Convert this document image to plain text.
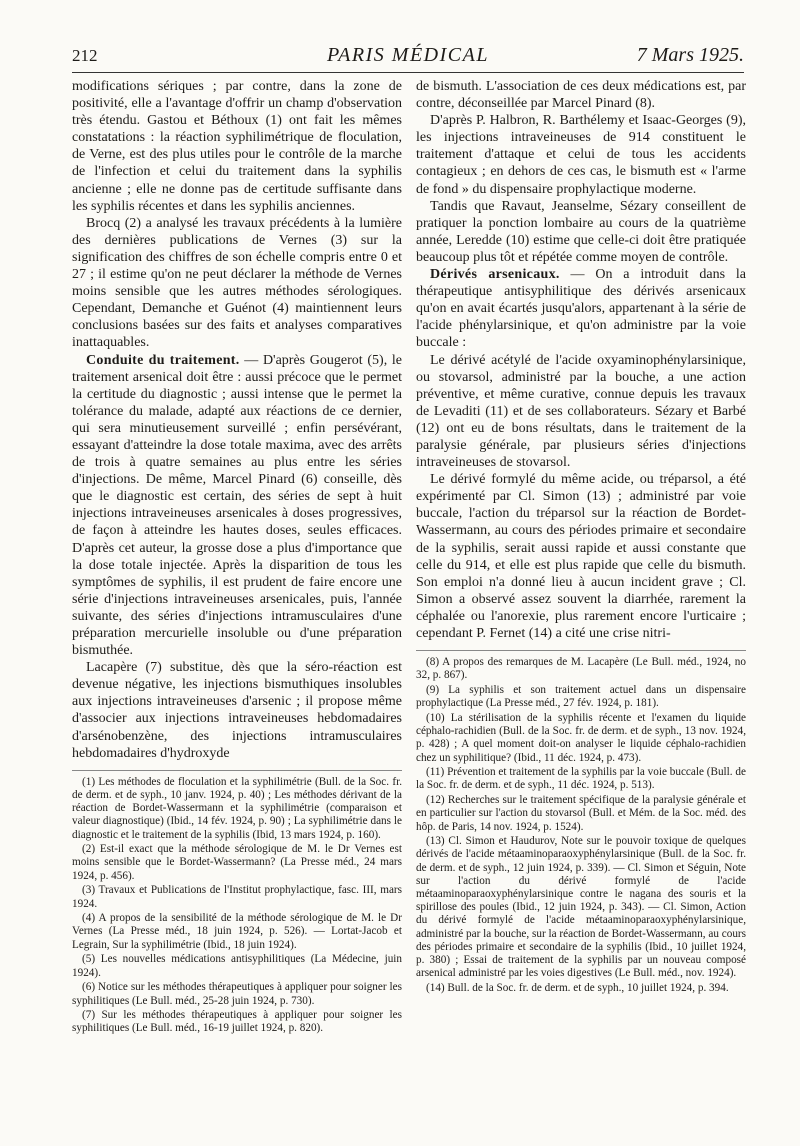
212	PARIS MÉDICAL	7 Mars 1925.

modifications sériques ; par contre, dans la zone de positivité, elle a l'avantage d'offrir un champ d'observation très étendu. Gastou et Béthoux (1) ont fait les mêmes constatations : la réaction syphilimétrique de floculation, de Verne, est des plus utiles pour le contrôle de la marche de l'infection et celui du traitement dans la syphilis ancienne ; elle ne donne pas de certitude suffisante dans les syphilis récentes et dans les syphilis anciennes.

Brocq (2) a analysé les travaux précédents à la lumière des dernières publications de Vernes (3) sur la signification des chiffres de son échelle compris entre 0 et 27 ; il estime qu'on ne peut déclarer la méthode de Vernes moins sensible que les autres méthodes sérologiques. Cependant, Demanche et Guénot (4) maintiennent leurs conclusions basées sur des faits et analyses comparatives inattaquables.

Conduite du traitement. — D'après Gougerot (5), le traitement arsenical doit être : aussi précoce que le permet la certitude du diagnostic ; aussi intense que le permet la tolérance du malade, adapté aux réactions de ce dernier, qui sera minutieusement surveillé ; enfin persévérant, essayant d'atteindre la dose totale maxima, avec des arrêts de trois à quatre semaines au plus entre les séries d'injections. De même, Marcel Pinard (6) conseille, dès que le diagnostic est certain, des séries de sept à huit injections intraveineuses arsenicales à doses progressives, de façon à atteindre les hautes doses, seules efficaces. D'après cet auteur, la grosse dose a plus d'importance que la dose totale injectée. Après la disparition de tous les symptômes de syphilis, il est prudent de faire encore une série d'injections intraveineuses arsenicales, puis, l'année suivante, des séries d'injections intramusculaires d'une préparation mercurielle insoluble ou d'une préparation bismuthée.

Lacapère (7) substitue, dès que la séro-réaction est devenue négative, les injections bismuthiques insolubles aux injections intraveineuses d'arsenic ; il propose même d'associer aux injections intraveineuses hebdomadaires d'arsénobenzène, des injections intramusculaires hebdomadaires d'hydroxyde

(1) Les méthodes de floculation et la syphilimétrie (Bull. de la Soc. fr. de derm. et de syph., 10 janv. 1924, p. 40) ; Les méthodes dérivant de la réaction de Bordet-Wassermann et la syphilimétrie (comparaison et valeur diagnostique) (Ibid., 14 fév. 1924, p. 90) ; La syphilimétrie dans le diagnostic et le traitement de la syphilis (Ibid, 13 mars 1924, p. 160).

(2) Est-il exact que la méthode sérologique de M. le Dr Vernes est moins sensible que le Bordet-Wassermann? (La Presse méd., 24 mars 1924, p. 456).

(3) Travaux et Publications de l'Institut prophylactique, fasc. III, mars 1924.

(4) A propos de la sensibilité de la méthode sérologique de M. le Dr Vernes (La Presse méd., 18 juin 1924, p. 526). — Lortat-Jacob et Legrain, Sur la syphilimétrie (Ibid., 18 juin 1924).

(5) Les nouvelles médications antisyphilitiques (La Médecine, juin 1924).

(6) Notice sur les méthodes thérapeutiques à appliquer pour soigner les syphilitiques (Le Bull. méd., 25-28 juin 1924, p. 730).

(7) Sur les méthodes thérapeutiques à appliquer pour soigner les syphilitiques (Le Bull. méd., 16-19 juillet 1924, p. 820).

de bismuth. L'association de ces deux médications est, par contre, déconseillée par Marcel Pinard (8).

D'après P. Halbron, R. Barthélemy et Isaac-Georges (9), les injections intraveineuses de 914 constituent le traitement d'attaque et celui de tous les accidents contagieux ; en dehors de ces cas, le bismuth est « l'arme de fond » du dispensaire prophylactique moderne.

Tandis que Ravaut, Jeanselme, Sézary conseillent de pratiquer la ponction lombaire au cours de la quatrième année, Leredde (10) estime que celle-ci doit être pratiquée beaucoup plus tôt et répétée comme moyen de contrôle.

Dérivés arsenicaux. — On a introduit dans la thérapeutique antisyphilitique des dérivés arsenicaux qu'on en avait écartés jusqu'alors, appartenant à la série de l'acide phénylarsinique, et qu'on administre par la voie buccale :

Le dérivé acétylé de l'acide oxyaminophénylarsinique, ou stovarsol, administré par la bouche, a une action préventive, et même curative, connue depuis les travaux de Levaditi (11) et de ses collaborateurs. Sézary et Barbé (12) ont eu de bons résultats, dans le traitement de la paralysie générale, par plusieurs séries d'injections intraveineuses de stovarsol.

Le dérivé formylé du même acide, ou tréparsol, a été expérimenté par Cl. Simon (13) ; administré par voie buccale, l'action du tréparsol sur la réaction de Bordet-Wassermann, au cours des périodes primaire et secondaire de la syphilis, serait aussi rapide et aussi constante que celle du 914, et elle est plus rapide que celle du bismuth. Son emploi n'a donné lieu à aucun incident grave ; Cl. Simon a observé assez souvent la diarrhée, rarement la céphalée ou l'anorexie, plus rarement encore l'urticaire ; cependant P. Fernet (14) a cité une crise nitri-

(8) A propos des remarques de M. Lacapère (Le Bull. méd., 1924, no 32, p. 867).

(9) La syphilis et son traitement actuel dans un dispensaire prophylactique (La Presse méd., 27 fév. 1924, p. 181).

(10) La stérilisation de la syphilis récente et l'examen du liquide céphalo-rachidien (Bull. de la Soc. fr. de derm. et de syph., 13 nov. 1924, p. 428) ; A quel moment doit-on analyser le liquide céphalo-rachidien chez un syphilitique? (Ibid., 11 déc. 1924, p. 473).

(11) Prévention et traitement de la syphilis par la voie buccale (Bull. de la Soc. fr. de derm. et de syph., 11 déc. 1924, p. 513).

(12) Recherches sur le traitement spécifique de la paralysie générale et en particulier sur l'action du stovarsol (Bull. et Mém. de la Soc. méd. des hôp. de Paris, 14 nov. 1924, p. 1524).

(13) Cl. Simon et Haudurov, Note sur le pouvoir toxique de quelques dérivés de l'acide métaaminoparaoxyphénylarsinique (Bull. de la Soc. fr. de derm. et de syph., 12 juin 1924, p. 339). — Cl. Simon et Séguin, Note sur l'action du dérivé formylé de l'acide métaaminoparaoxyphénylarsinique contre le nagana des souris et la spirillose des poules (Ibid., 12 juin 1924, p. 343). — Cl. Simon, Action du dérivé formylé de l'acide métaaminoparaoxyphénylarsinique, administré par la bouche, sur la réaction de Bordet-Wassermann, au cours des périodes primaire et secondaire de la syphilis (Ibid., 10 juillet 1924, p. 380) ; Essai de traitement de la syphilis par un nouveau composé arsenical administré par les voies digestives (Le Bull. méd., nov. 1924).

(14) Bull. de la Soc. fr. de derm. et de syph., 10 juillet 1924, p. 394.
